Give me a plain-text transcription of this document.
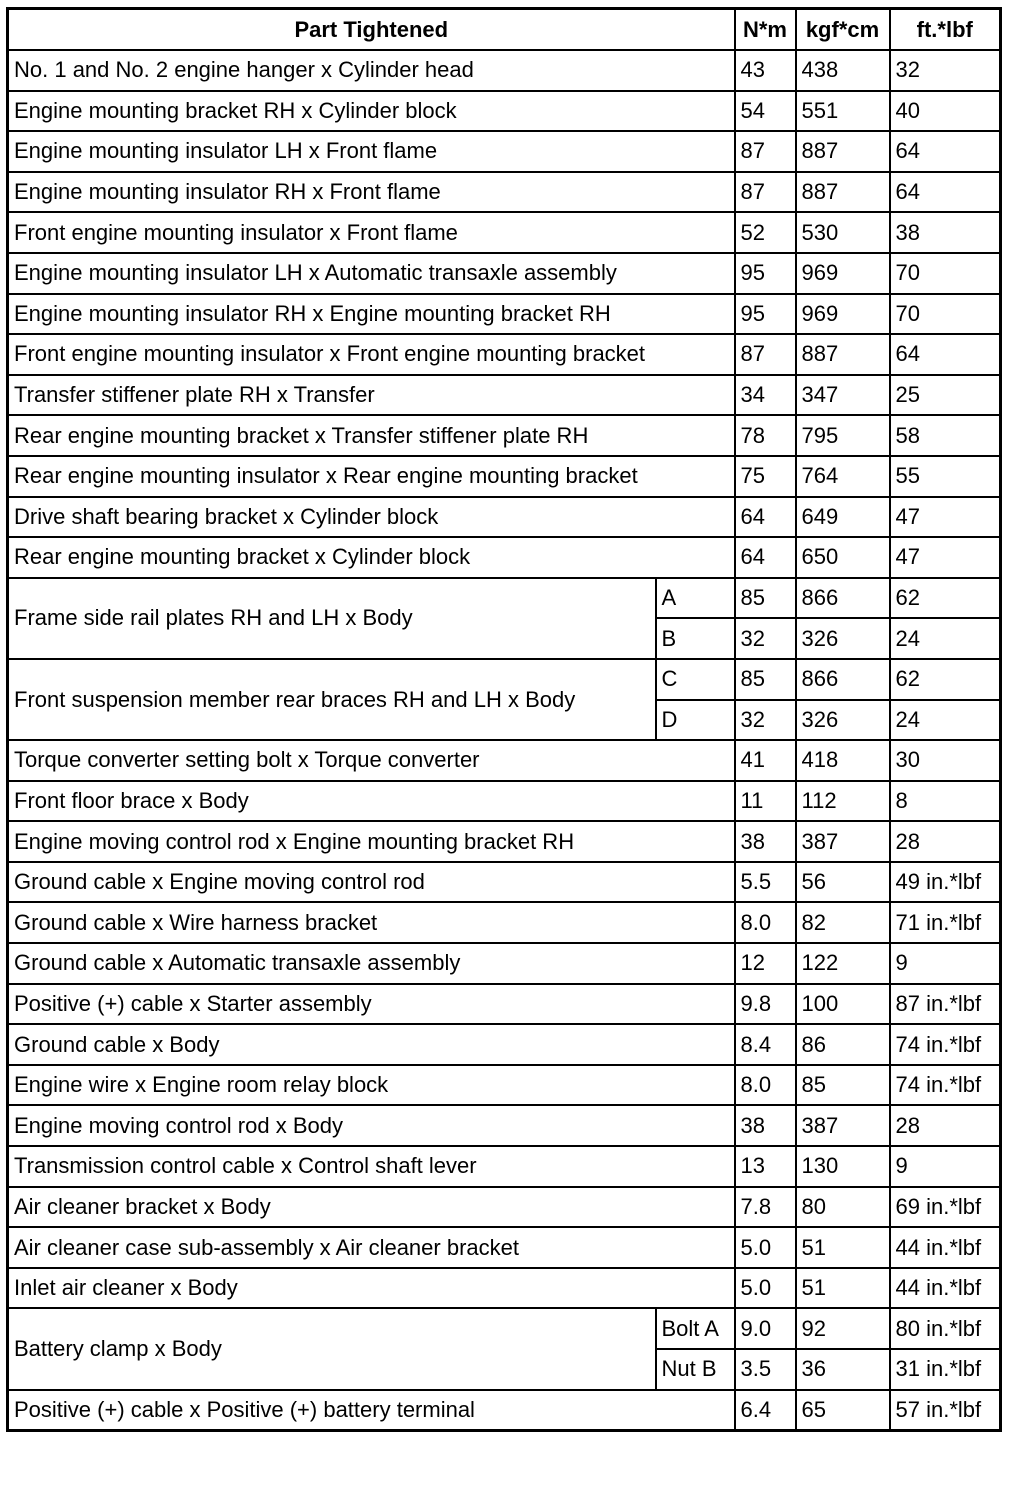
Part Tightened		N*m	kgf*cm	ft.*lbf
No. 1 and No. 2 engine hanger x Cylinder head		43	438	32
Engine mounting bracket RH x Cylinder block		54	551	40
Engine mounting insulator LH x Front flame		87	887	64
Engine mounting insulator RH x Front flame		87	887	64
Front engine mounting insulator x Front flame		52	530	38
Engine mounting insulator LH x Automatic transaxle assembly		95	969	70
Engine mounting insulator RH x Engine mounting bracket RH		95	969	70
Front engine mounting insulator x Front engine mounting bracket		87	887	64
Transfer stiffener plate RH x Transfer		34	347	25
Rear engine mounting bracket x Transfer stiffener plate RH		78	795	58
Rear engine mounting insulator x Rear engine mounting bracket		75	764	55
Drive shaft bearing bracket x Cylinder block		64	649	47
Rear engine mounting bracket x Cylinder block		64	650	47
Frame side rail plates RH and LH x Body	A	85	866	62
	B	32	326	24
Front suspension member rear braces RH and LH x Body	C	85	866	62
	D	32	326	24
Torque converter setting bolt x Torque converter		41	418	30
Front floor brace x Body		11	112	8
Engine moving control rod x Engine mounting bracket RH		38	387	28
Ground cable x Engine moving control rod		5.5	56	49 in.*lbf
Ground cable x Wire harness bracket		8.0	82	71 in.*lbf
Ground cable x Automatic transaxle assembly		12	122	9
Positive (+) cable x Starter assembly		9.8	100	87 in.*lbf
Ground cable x Body		8.4	86	74 in.*lbf
Engine wire x Engine room relay block		8.0	85	74 in.*lbf
Engine moving control rod x Body		38	387	28
Transmission control cable x Control shaft lever		13	130	9
Air cleaner bracket x Body		7.8	80	69 in.*lbf
Air cleaner case sub-assembly x Air cleaner bracket		5.0	51	44 in.*lbf
Inlet air cleaner x Body		5.0	51	44 in.*lbf
Battery clamp x Body	Bolt A	9.0	92	80 in.*lbf
	Nut B	3.5	36	31 in.*lbf
Positive (+) cable x Positive (+) battery terminal		6.4	65	57 in.*lbf
